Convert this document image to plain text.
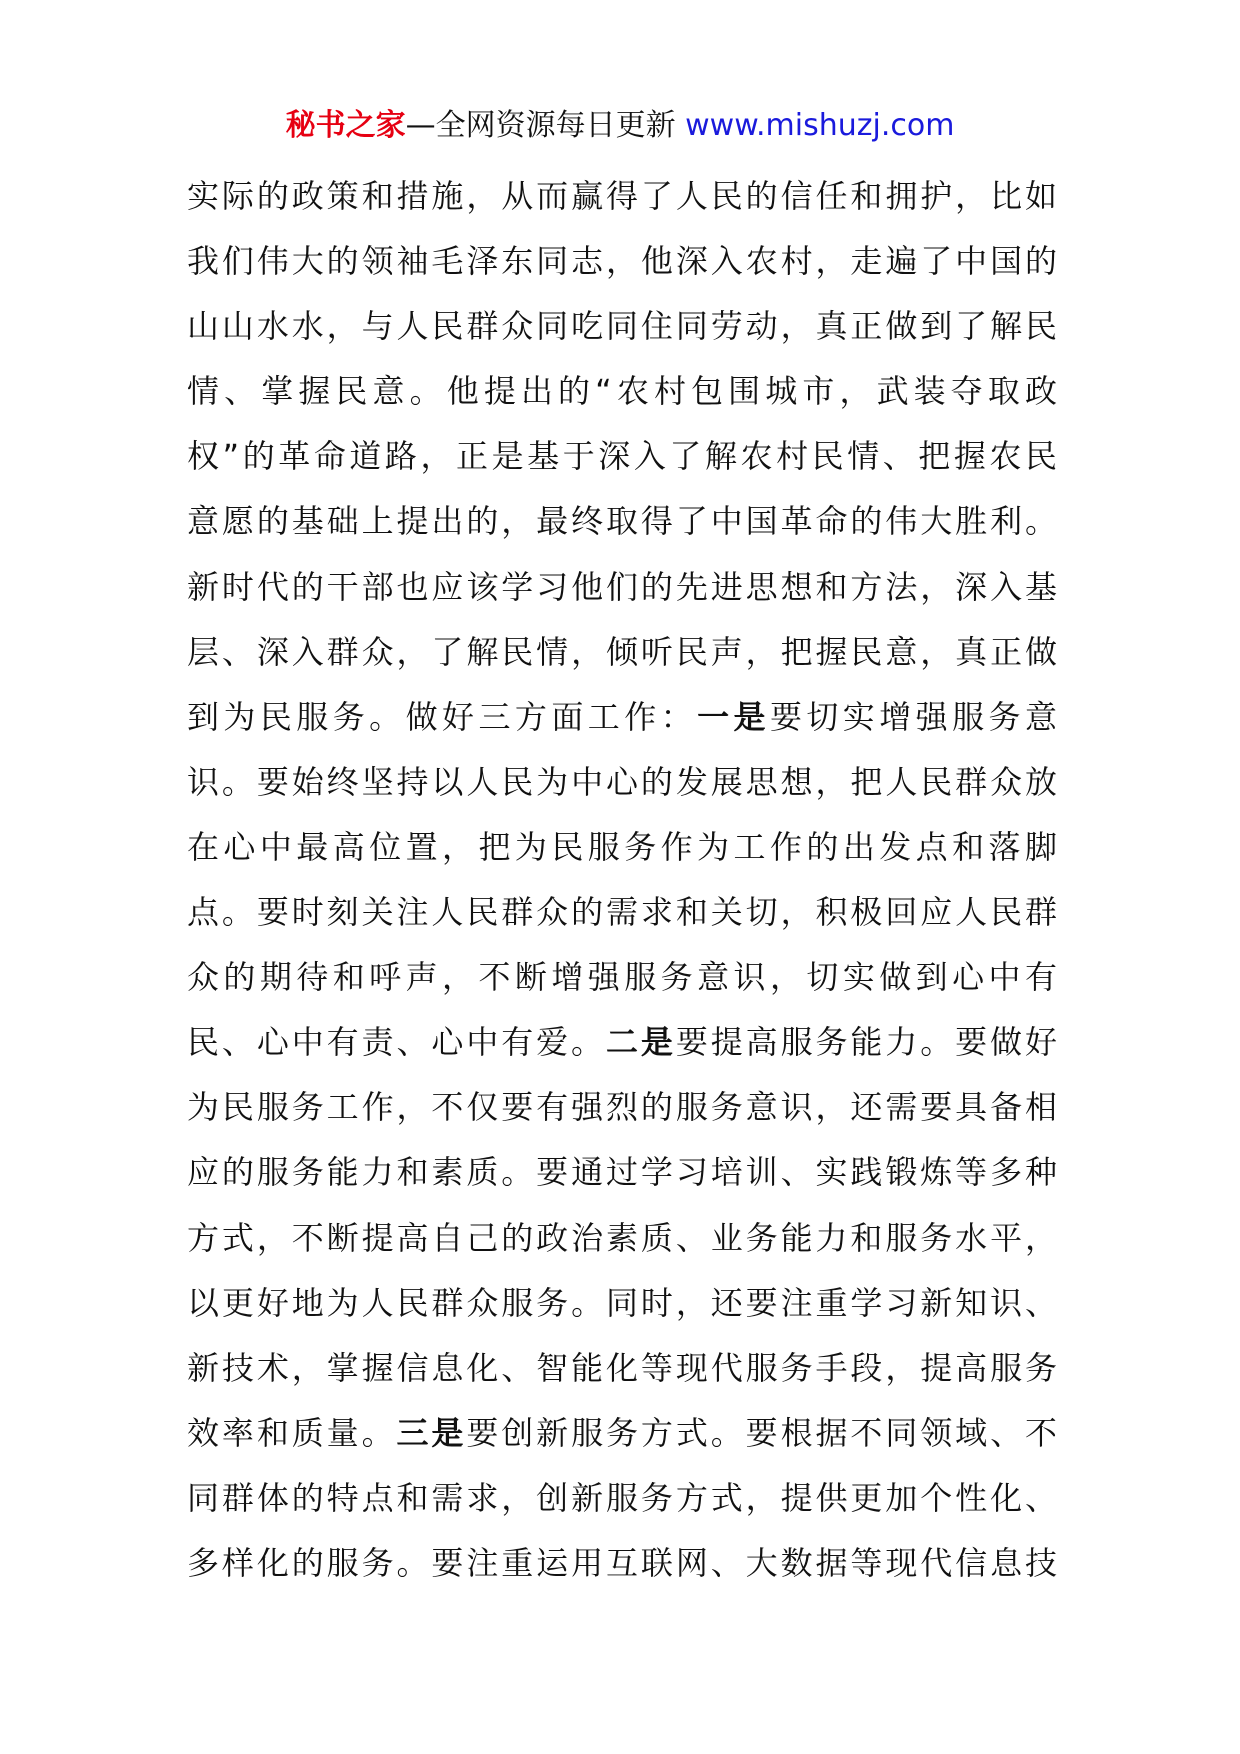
秘书之家—全网资源每日更新 www.mishuzj.com
实际的政策和措施，从而赢得了人民的信任和拥护，比如
我们伟大的领袖毛泽东同志，他深入农村，走遍了中国的
山山水水，与人民群众同吃同住同劳动，真正做到了解民
情、掌握民意。他提出的“农村包围城市，武装夺取政
权”的革命道路，正是基于深入了解农村民情、把握农民
意愿的基础上提出的，最终取得了中国革命的伟大胜利。
新时代的干部也应该学习他们的先进思想和方法，深入基
层、深入群众，了解民情，倾听民声，把握民意，真正做
到为民服务。做好三方面工作：一是要切实增强服务意
识。要始终坚持以人民为中心的发展思想，把人民群众放
在心中最高位置，把为民服务作为工作的出发点和落脚
点。要时刻关注人民群众的需求和关切，积极回应人民群
众的期待和呼声，不断增强服务意识，切实做到心中有
民、心中有责、心中有爱。二是要提高服务能力。要做好
为民服务工作，不仅要有强烈的服务意识，还需要具备相
应的服务能力和素质。要通过学习培训、实践锻炼等多种
方式，不断提高自己的政治素质、业务能力和服务水平，
以更好地为人民群众服务。同时，还要注重学习新知识、
新技术，掌握信息化、智能化等现代服务手段，提高服务
效率和质量。三是要创新服务方式。要根据不同领域、不
同群体的特点和需求，创新服务方式，提供更加个性化、
多样化的服务。要注重运用互联网、大数据等现代信息技
